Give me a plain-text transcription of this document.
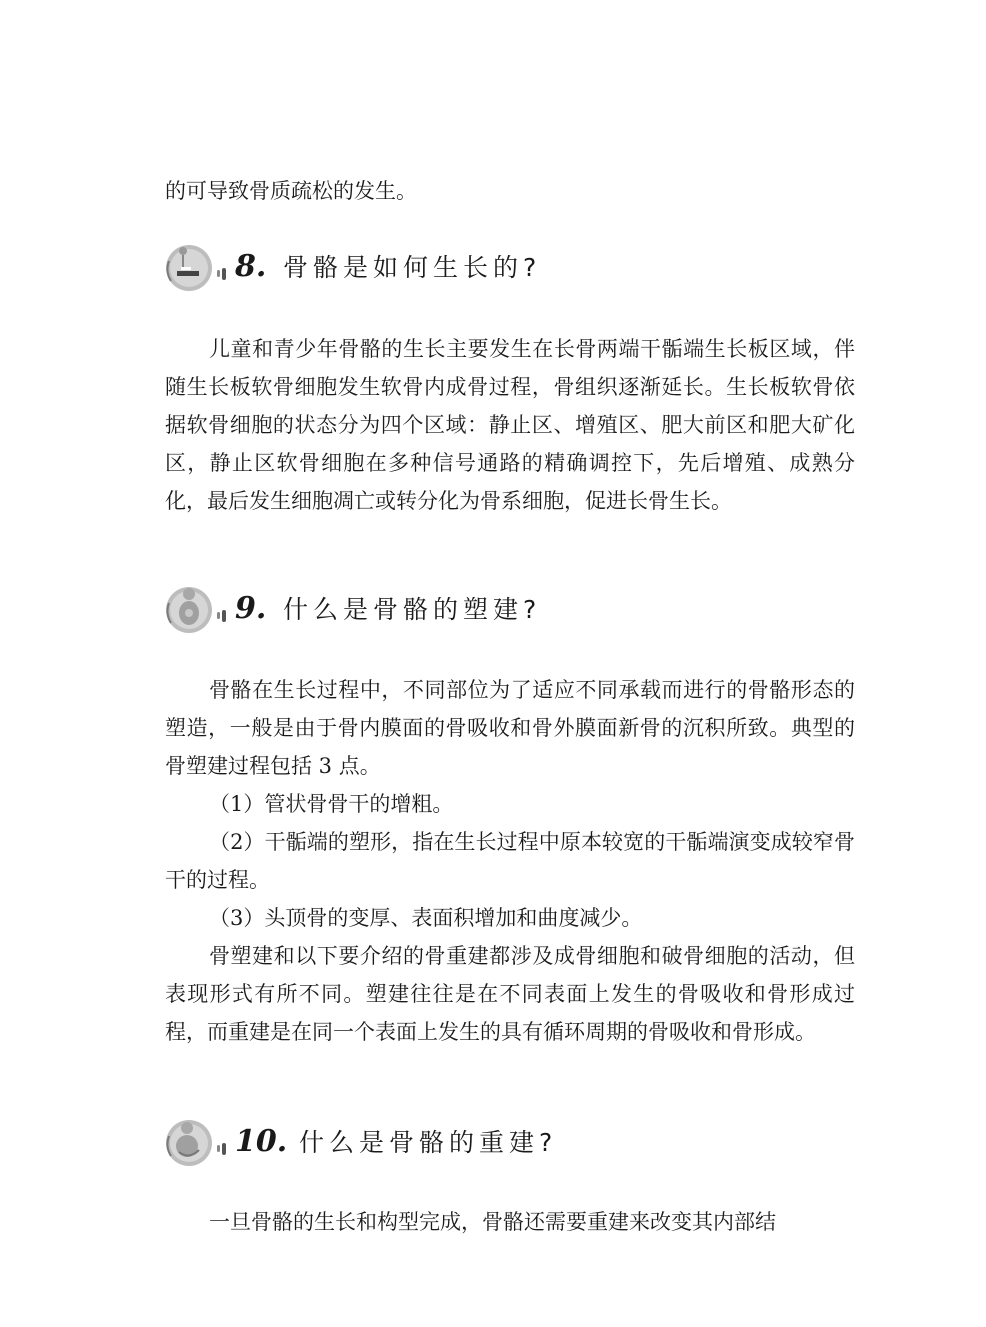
的可导致骨质疏松的发生。

8. 骨骼是如何生长的?

儿童和青少年骨骼的生长主要发生在长骨两端干骺端生长板区域，伴随生长板软骨细胞发生软骨内成骨过程，骨组织逐渐延长。生长板软骨依据软骨细胞的状态分为四个区域：静止区、增殖区、肥大前区和肥大矿化区，静止区软骨细胞在多种信号通路的精确调控下，先后增殖、成熟分化，最后发生细胞凋亡或转分化为骨系细胞，促进长骨生长。

9. 什么是骨骼的塑建?

骨骼在生长过程中，不同部位为了适应不同承载而进行的骨骼形态的塑造，一般是由于骨内膜面的骨吸收和骨外膜面新骨的沉积所致。典型的骨塑建过程包括 3 点。

（1）管状骨骨干的增粗。

（2）干骺端的塑形，指在生长过程中原本较宽的干骺端演变成较窄骨干的过程。

（3）头顶骨的变厚、表面积增加和曲度减少。

骨塑建和以下要介绍的骨重建都涉及成骨细胞和破骨细胞的活动，但表现形式有所不同。塑建往往是在不同表面上发生的骨吸收和骨形成过程，而重建是在同一个表面上发生的具有循环周期的骨吸收和骨形成。

10. 什么是骨骼的重建?

一旦骨骼的生长和构型完成，骨骼还需要重建来改变其内部结
